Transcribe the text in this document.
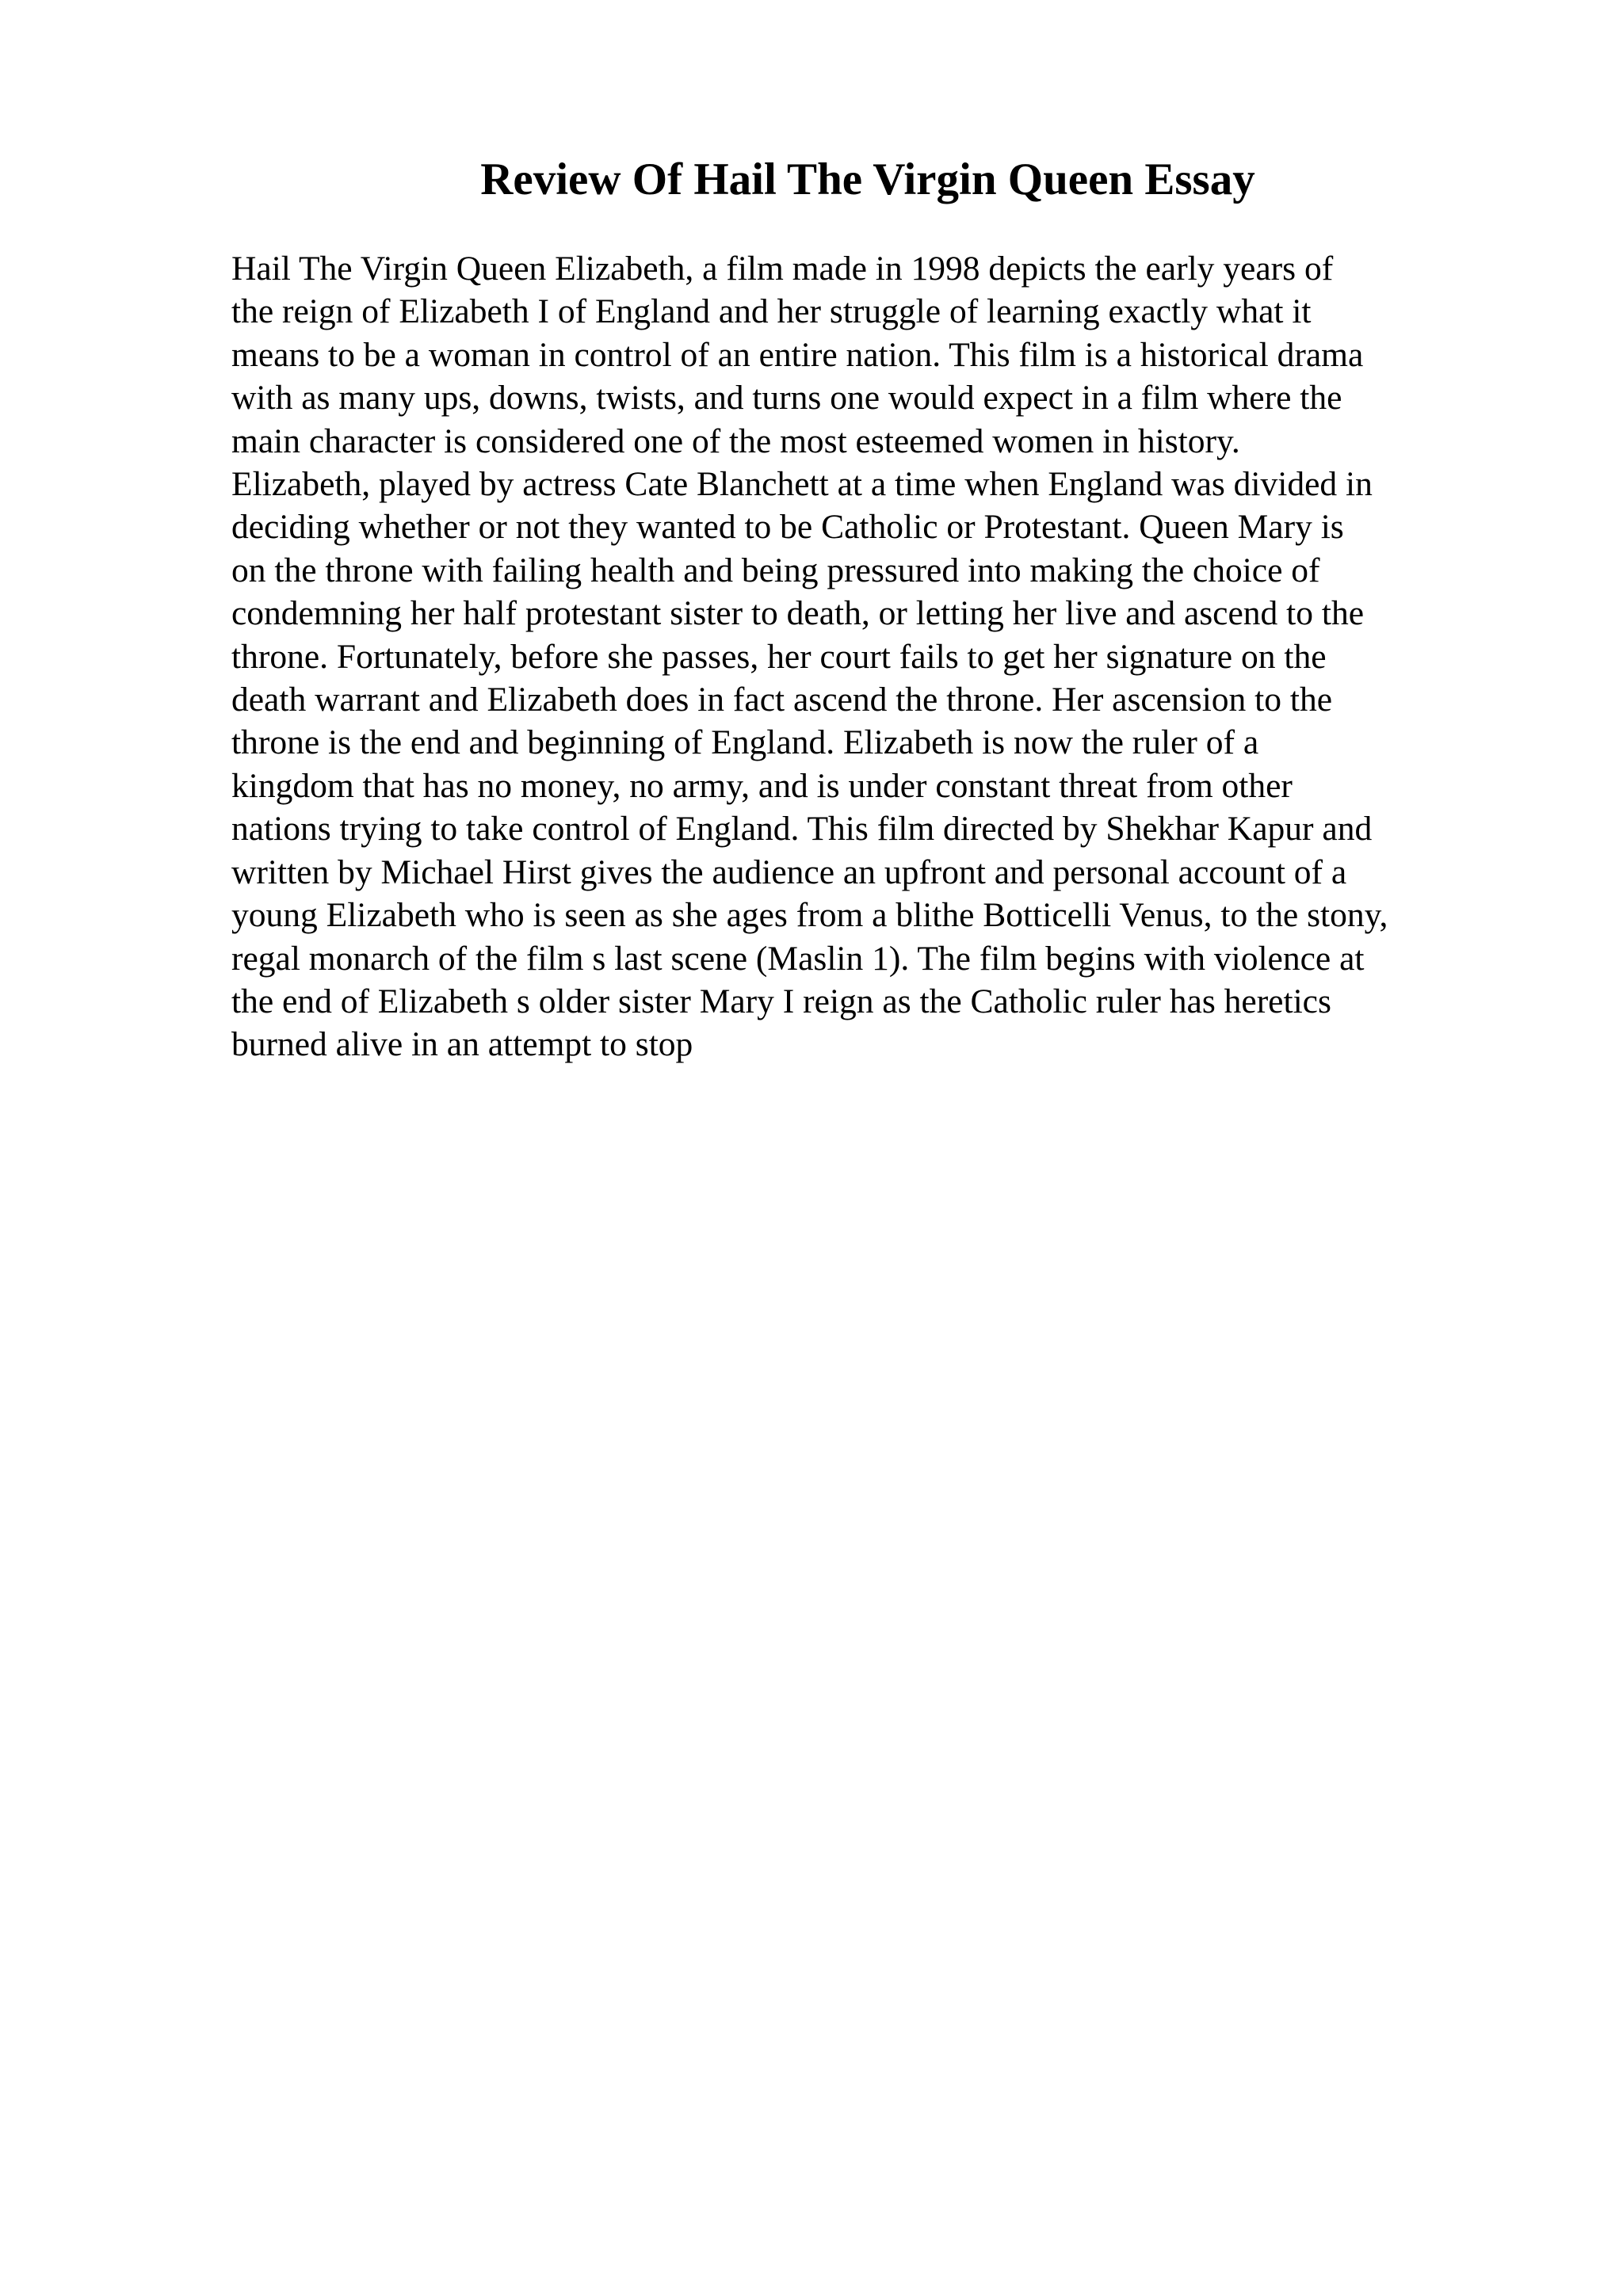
Review Of Hail The Virgin Queen Essay
Hail The Virgin Queen Elizabeth, a film made in 1998 depicts the early years of
the reign of Elizabeth I of England and her struggle of learning exactly what it
means to be a woman in control of an entire nation. This film is a historical drama
with as many ups, downs, twists, and turns one would expect in a film where the
main character is considered one of the most esteemed women in history.
Elizabeth, played by actress Cate Blanchett at a time when England was divided in
deciding whether or not they wanted to be Catholic or Protestant. Queen Mary is
on the throne with failing health and being pressured into making the choice of
condemning her half protestant sister to death, or letting her live and ascend to the
throne. Fortunately, before she passes, her court fails to get her signature on the
death warrant and Elizabeth does in fact ascend the throne. Her ascension to the
throne is the end and beginning of England. Elizabeth is now the ruler of a
kingdom that has no money, no army, and is under constant threat from other
nations trying to take control of England. This film directed by Shekhar Kapur and
written by Michael Hirst gives the audience an upfront and personal account of a
young Elizabeth who is seen as she ages from a blithe Botticelli Venus, to the stony,
regal monarch of the film s last scene (Maslin 1). The film begins with violence at
the end of Elizabeth s older sister Mary I reign as the Catholic ruler has heretics
burned alive in an attempt to stop
